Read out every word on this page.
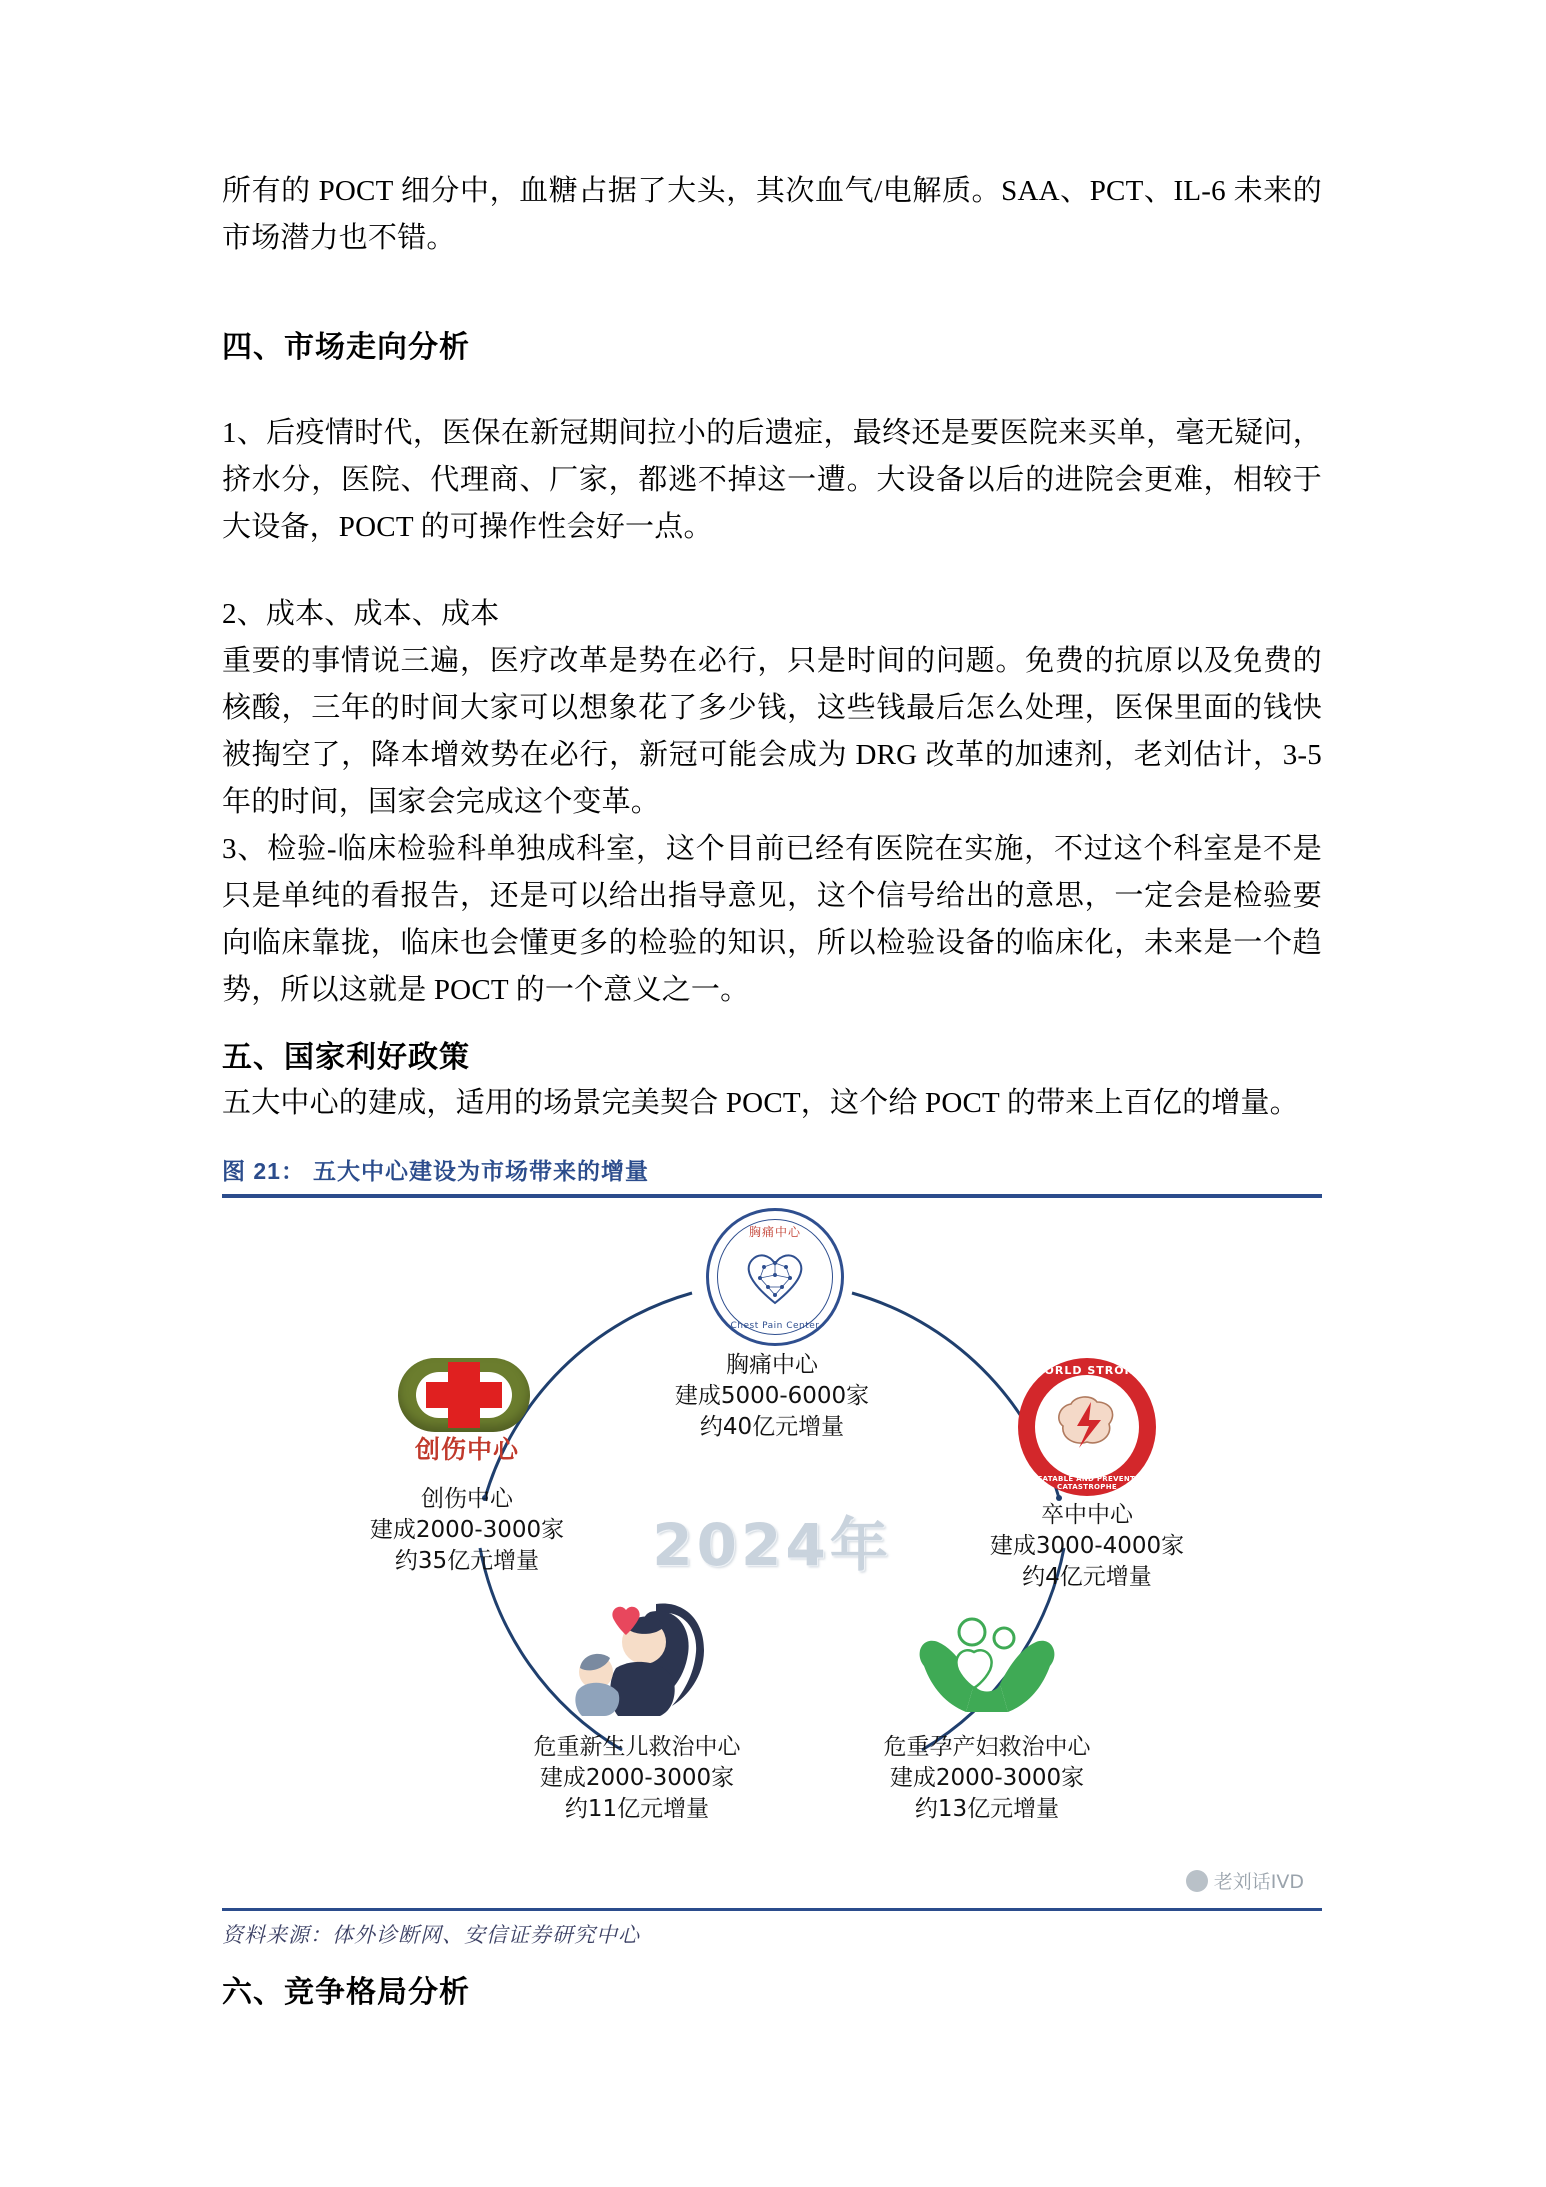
所有的 POCT 细分中，血糖占据了大头，其次血气/电解质。SAA、PCT、IL-6 未来的市场潜力也不错。

四、市场走向分析

1、后疫情时代，医保在新冠期间拉小的后遗症，最终还是要医院来买单，毫无疑问，挤水分，医院、代理商、厂家，都逃不掉这一遭。大设备以后的进院会更难，相较于大设备，POCT 的可操作性会好一点。

2、成本、成本、成本

重要的事情说三遍，医疗改革是势在必行，只是时间的问题。免费的抗原以及免费的核酸，三年的时间大家可以想象花了多少钱，这些钱最后怎么处理，医保里面的钱快被掏空了，降本增效势在必行，新冠可能会成为 DRG 改革的加速剂，老刘估计，3-5 年的时间，国家会完成这个变革。

3、检验-临床检验科单独成科室，这个目前已经有医院在实施，不过这个科室是不是只是单纯的看报告，还是可以给出指导意见，这个信号给出的意思，一定会是检验要向临床靠拢，临床也会懂更多的检验的知识，所以检验设备的临床化，未来是一个趋势，所以这就是 POCT 的一个意义之一。

五、国家利好政策

五大中心的建成，适用的场景完美契合 POCT，这个给 POCT 的带来上百亿的增量。

图 21： 五大中心建设为市场带来的增量
2024年
胸痛中心
Chest Pain Center
胸痛中心
建成5000-6000家
约40亿元增量
WORLD STROKE DAY
A TREATABLE AND PREVENTABLE CATASTROPHE
卒中中心
建成3000-4000家
约4亿元增量
创伤中心
创伤中心
建成2000-3000家
约35亿元增量
危重孕产妇救治中心
建成2000-3000家
约13亿元增量
危重新生儿救治中心
建成2000-3000家
约11亿元增量
老刘话IVD
资料来源：体外诊断网、安信证券研究中心
六、竞争格局分析
